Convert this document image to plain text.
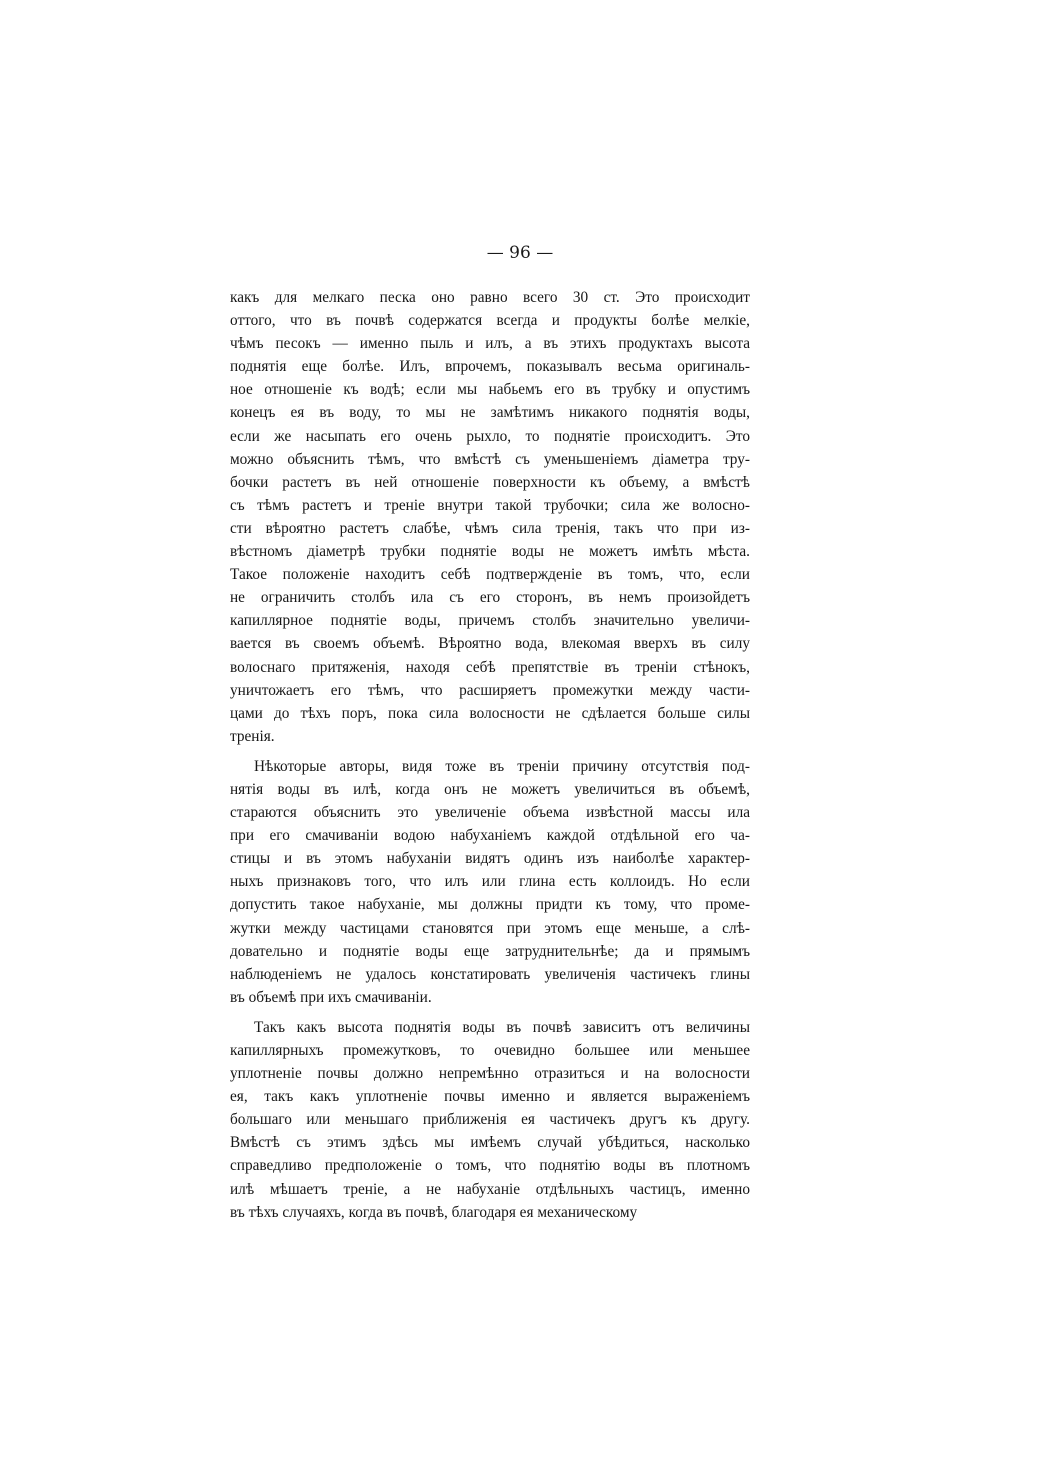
— 96 —
какъ для мелкаго песка оно равно всего 30 ст. Это происходит
оттого, что въ почвѣ содержатся всегда и продукты болѣе мелкіе,
чѣмъ песокъ — именно пыль и илъ, а въ этихъ продуктахъ высота
поднятія еще болѣе. Илъ, впрочемъ, показывалъ весьма оригиналь-
ное отношеніе къ водѣ; если мы набьемъ его въ трубку и опустимъ
конецъ ея въ воду, то мы не замѣтимъ никакого поднятія воды,
если же насыпать его очень рыхло, то поднятіе происходитъ. Это
можно объяснить тѣмъ, что вмѣстѣ съ уменьшеніемъ діаметра тру-
бочки растетъ въ ней отношеніе поверхности къ объему, а вмѣстѣ
съ тѣмъ растетъ и треніе внутри такой трубочки; сила же волосно-
сти вѣроятно растетъ слабѣе, чѣмъ сила тренія, такъ что при из-
вѣстномъ діаметрѣ трубки поднятіе воды не можетъ имѣть мѣста.
Такое положеніе находитъ себѣ подтвержденіе въ томъ, что, если
не ограничить столбъ ила съ его сторонъ, въ немъ произойдетъ
капиллярное поднятіе воды, причемъ столбъ значительно увеличи-
вается въ своемъ объемѣ. Вѣроятно вода, влекомая вверхъ въ силу
волоснаго притяженія, находя себѣ препятствіе въ треніи стѣнокъ,
уничтожаетъ его тѣмъ, что расширяетъ промежутки между части-
цами до тѣхъ поръ, пока сила волосности не сдѣлается больше силы
тренія.
Нѣкоторые авторы, видя тоже въ треніи причину отсутствія под-
нятія воды въ илѣ, когда онъ не можетъ увеличиться въ объемѣ,
стараются объяснить это увеличеніе объема извѣстной массы ила
при его смачиваніи водою набуханіемъ каждой отдѣльной его ча-
стицы и въ этомъ набуханіи видятъ одинъ изъ наиболѣе характер-
ныхъ признаковъ того, что илъ или глина есть коллоидъ. Но если
допустить такое набуханіе, мы должны придти къ тому, что проме-
жутки между частицами становятся при этомъ еще меньше, а слѣ-
довательно и поднятіе воды еще затруднительнѣе; да и прямымъ
наблюденіемъ не удалось констатировать увеличенія частичекъ глины
въ объемѣ при ихъ смачиваніи.
Такъ какъ высота поднятія воды въ почвѣ зависитъ отъ величины
капиллярныхъ промежутковъ, то очевидно большее или меньшее
уплотненіе почвы должно непремѣнно отразиться и на волосности
ея, такъ какъ уплотненіе почвы именно и является выраженіемъ
большаго или меньшаго приближенія ея частичекъ другъ къ другу.
Вмѣстѣ съ этимъ здѣсь мы имѣемъ случай убѣдиться, насколько
справедливо предположеніе о томъ, что поднятію воды въ плотномъ
илѣ мѣшаетъ треніе, а не набуханіе отдѣльныхъ частицъ, именно
въ тѣхъ случаяхъ, когда въ почвѣ, благодаря ея механическому
